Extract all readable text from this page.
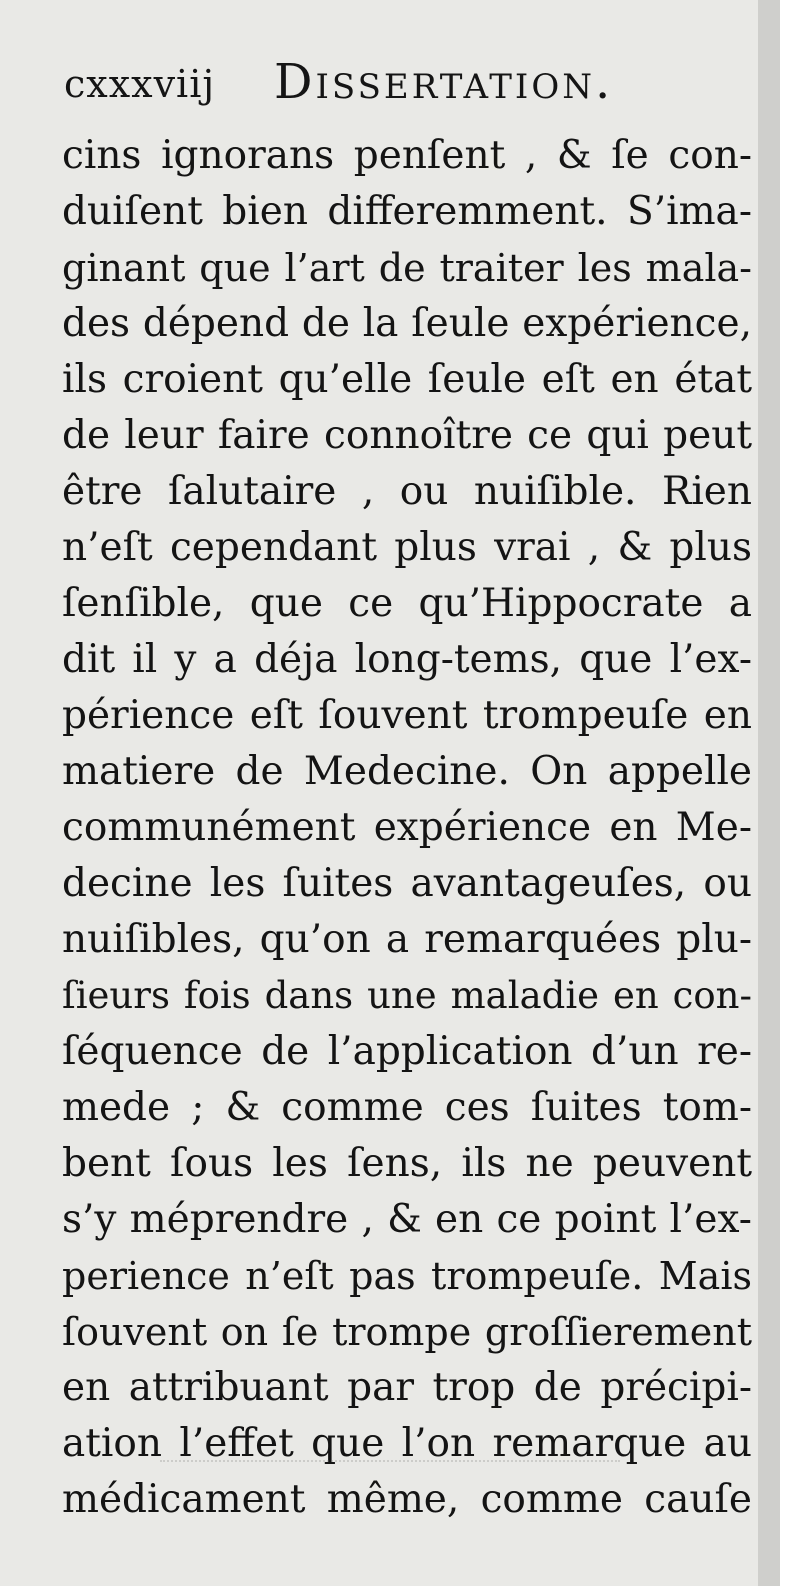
cxxxviij Dissertation.
cins ignorans penſent , & ſe con-
duiſent bien differemment. S’ima-
ginant que l’art de traiter les mala-
des dépend de la ſeule expérience,
ils croient qu’elle ſeule eſt en état
de leur faire connoître ce qui peut
être ſalutaire , ou nuiſible. Rien
n’eſt cependant plus vrai , & plus
ſenſible, que ce qu’Hippocrate a
dit il y a déja long-tems, que l’ex-
périence eſt ſouvent trompeuſe en
matiere de Medecine. On appelle
communément expérience en Me-
decine les ſuites avantageuſes, ou
nuiſibles, qu’on a remarquées plu-
ſieurs fois dans une maladie en con-
ſéquence de l’application d’un re-
mede ; & comme ces ſuites tom-
bent ſous les ſens, ils ne peuvent
s’y méprendre , & en ce point l’ex-
perience n’eſt pas trompeuſe. Mais
ſouvent on ſe trompe groſſierement
en attribuant par trop de précipi-
ation l’effet que l’on remarque au
médicament même, comme cauſe
